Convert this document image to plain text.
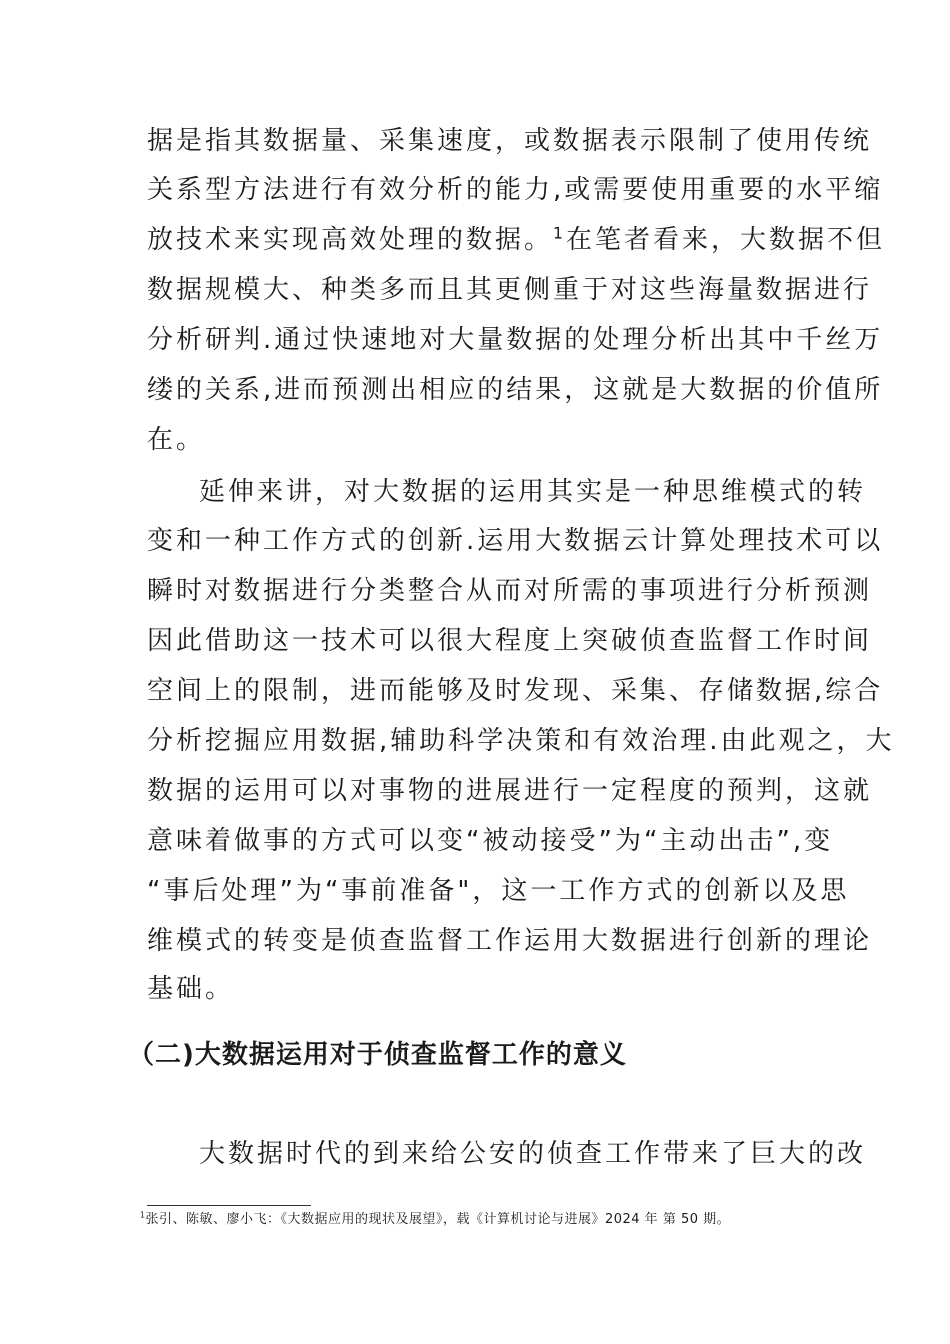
据是指其数据量、采集速度，或数据表示限制了使用传统
关系型方法进行有效分析的能力,或需要使用重要的水平缩
放技术来实现高效处理的数据。$^1$在笔者看来，大数据不但
数据规模大、种类多而且其更侧重于对这些海量数据进行
分析研判.通过快速地对大量数据的处理分析出其中千丝万
缕的关系,进而预测出相应的结果，这就是大数据的价值所
在。
延伸来讲，对大数据的运用其实是一种思维模式的转
变和一种工作方式的创新.运用大数据云计算处理技术可以
瞬时对数据进行分类整合从而对所需的事项进行分析预测
因此借助这一技术可以很大程度上突破侦查监督工作时间
空间上的限制，进而能够及时发现、采集、存储数据,综合
分析挖掘应用数据,辅助科学决策和有效治理.由此观之，大
数据的运用可以对事物的进展进行一定程度的预判，这就
意味着做事的方式可以变“被动接受”为“主动出击”,变
“事后处理”为“事前准备"，这一工作方式的创新以及思
维模式的转变是侦查监督工作运用大数据进行创新的理论
基础。
（二)大数据运用对于侦查监督工作的意义
大数据时代的到来给公安的侦查工作带来了巨大的改
$^1$张引、陈敏、廖小飞：《大数据应用的现状及展望》，载《计算机讨论与进展》2024 年 第 50 期。
